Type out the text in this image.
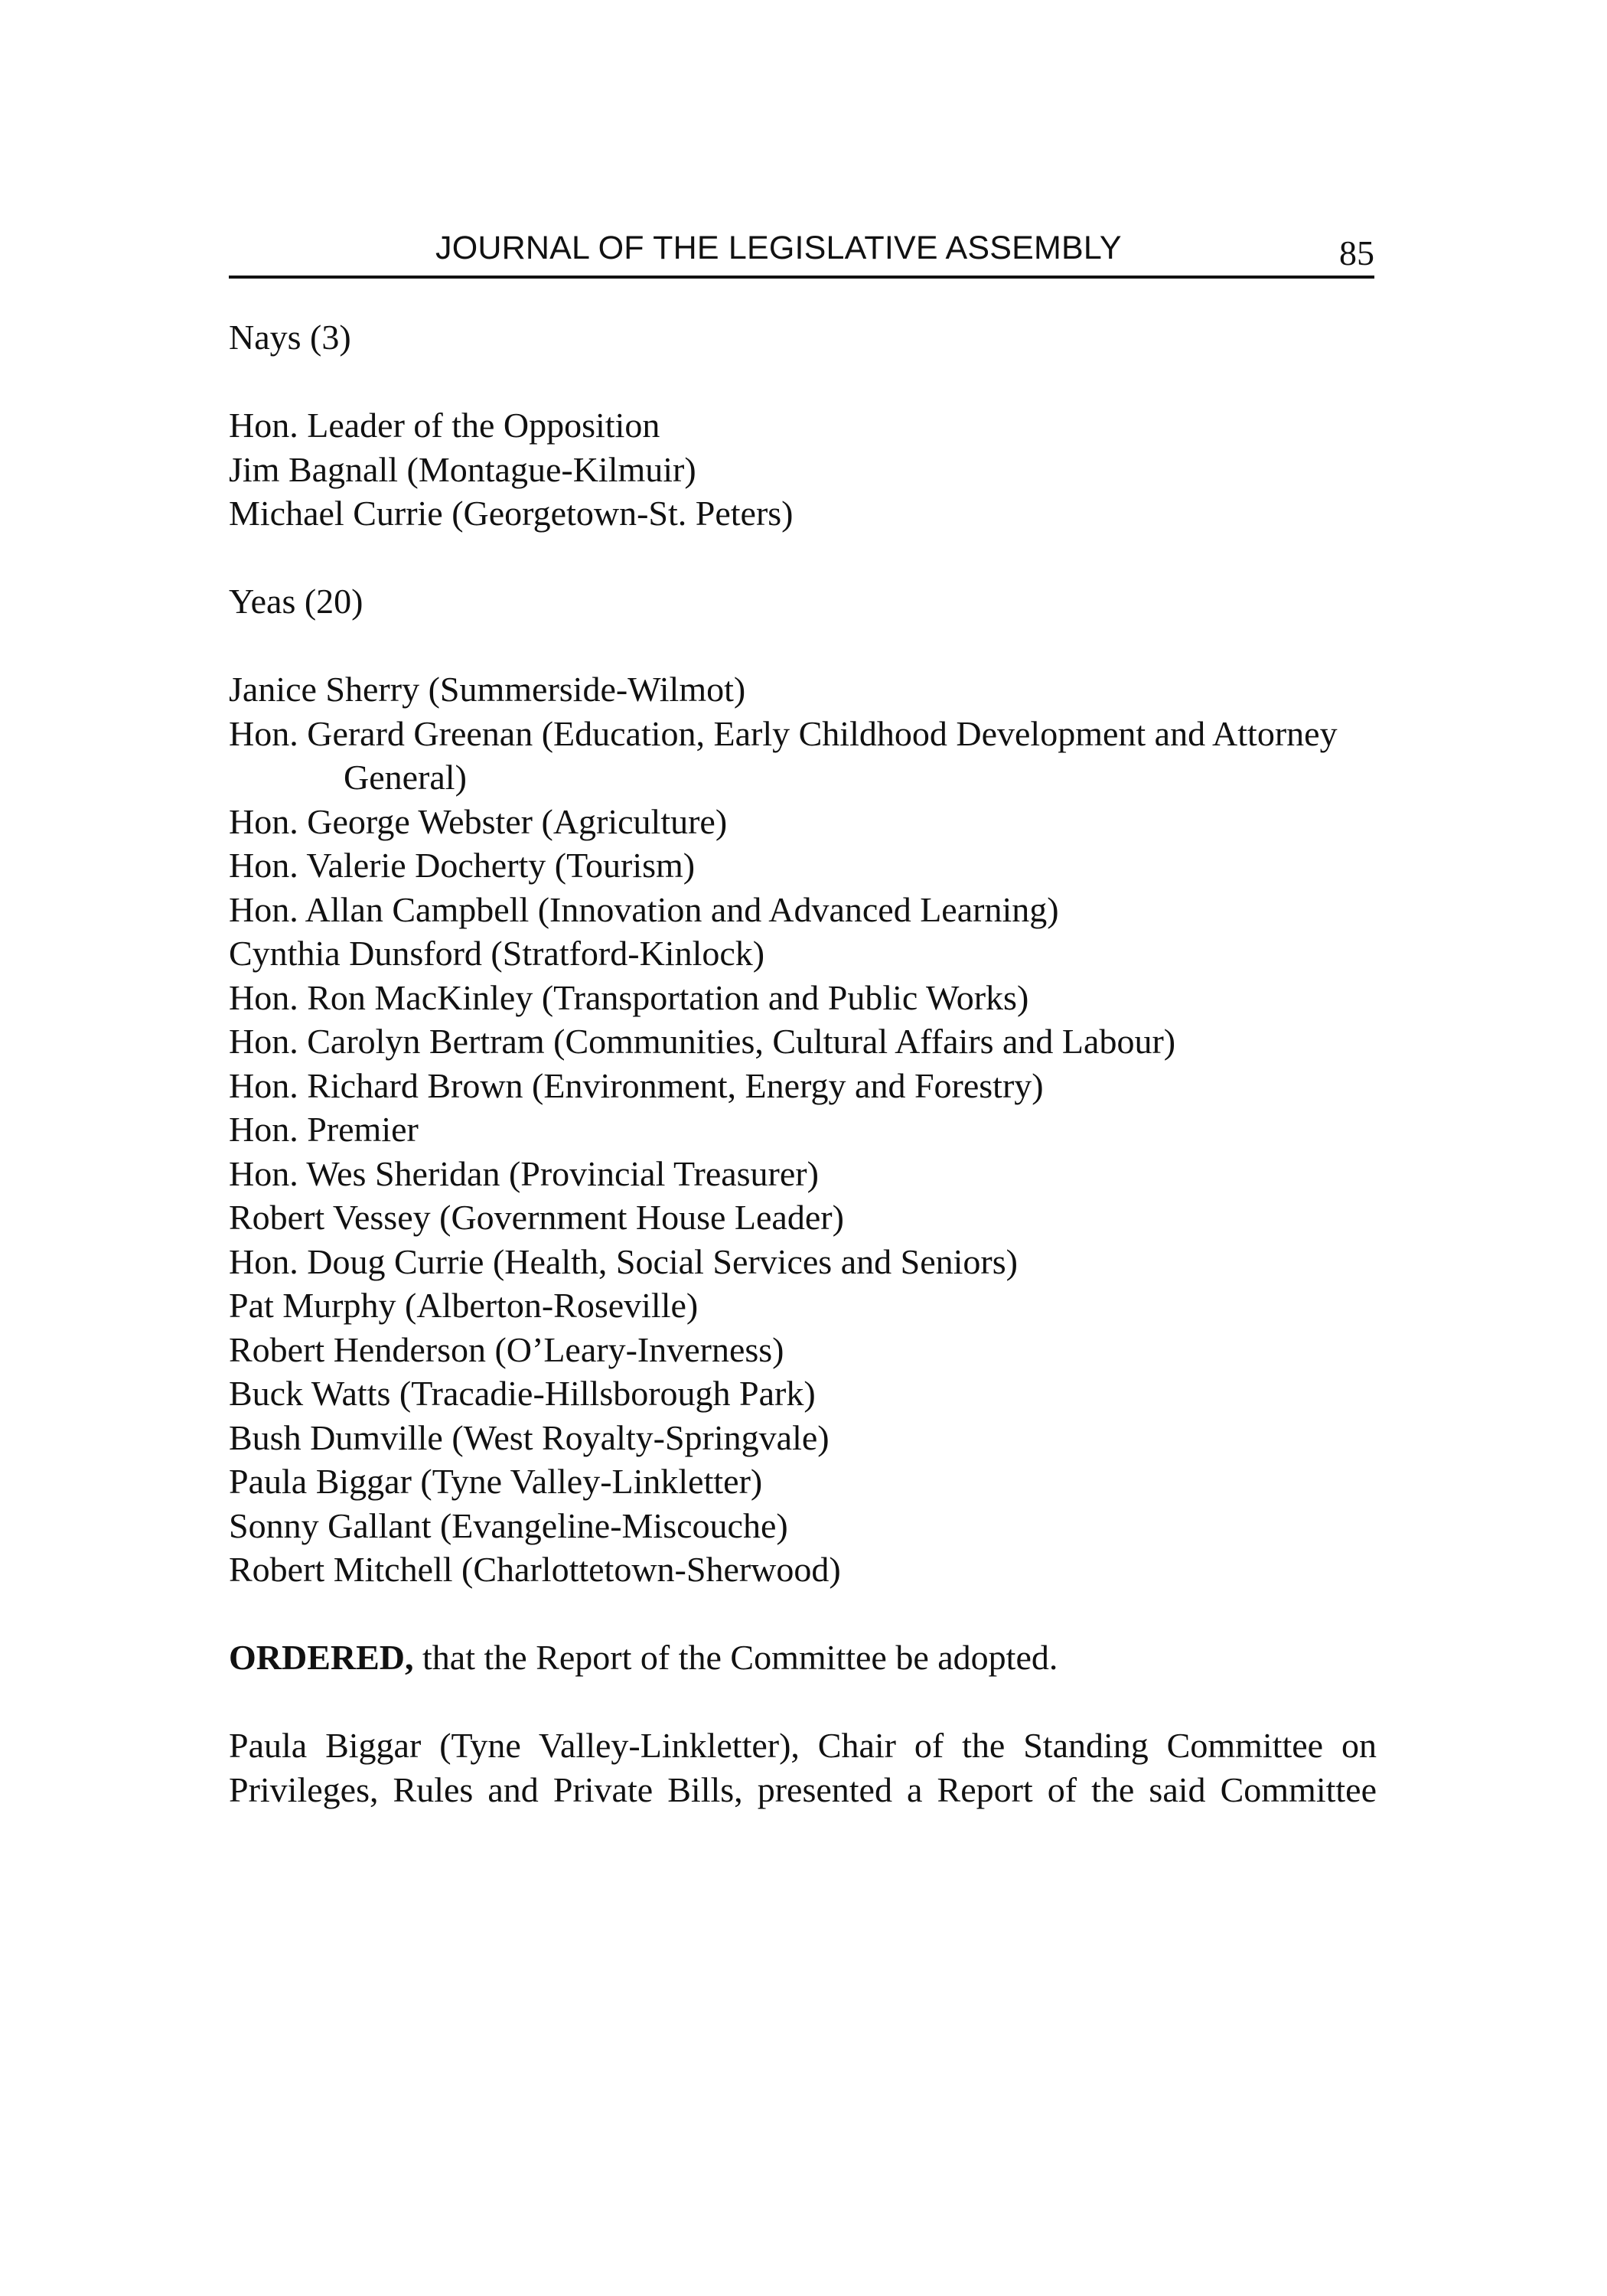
JOURNAL OF THE LEGISLATIVE ASSEMBLY	85

Nays (3)

Hon. Leader of the Opposition
Jim Bagnall (Montague-Kilmuir)
Michael Currie (Georgetown-St. Peters)

Yeas (20)

Janice Sherry (Summerside-Wilmot)
Hon. Gerard Greenan (Education, Early Childhood Development and Attorney General)
Hon. George Webster (Agriculture)
Hon. Valerie Docherty (Tourism)
Hon. Allan Campbell (Innovation and Advanced Learning)
Cynthia Dunsford (Stratford-Kinlock)
Hon. Ron MacKinley (Transportation and Public Works)
Hon. Carolyn Bertram (Communities, Cultural Affairs and Labour)
Hon. Richard Brown (Environment, Energy and Forestry)
Hon. Premier
Hon. Wes Sheridan (Provincial Treasurer)
Robert Vessey (Government House Leader)
Hon. Doug Currie (Health, Social Services and Seniors)
Pat Murphy (Alberton-Roseville)
Robert Henderson (O’Leary-Inverness)
Buck Watts (Tracadie-Hillsborough Park)
Bush Dumville (West Royalty-Springvale)
Paula Biggar (Tyne Valley-Linkletter)
Sonny Gallant (Evangeline-Miscouche)
Robert Mitchell (Charlottetown-Sherwood)

ORDERED, that the Report of the Committee be adopted.

Paula Biggar (Tyne Valley-Linkletter), Chair of the Standing Committee on

Privileges, Rules and Private Bills, presented a Report of the said Committee
